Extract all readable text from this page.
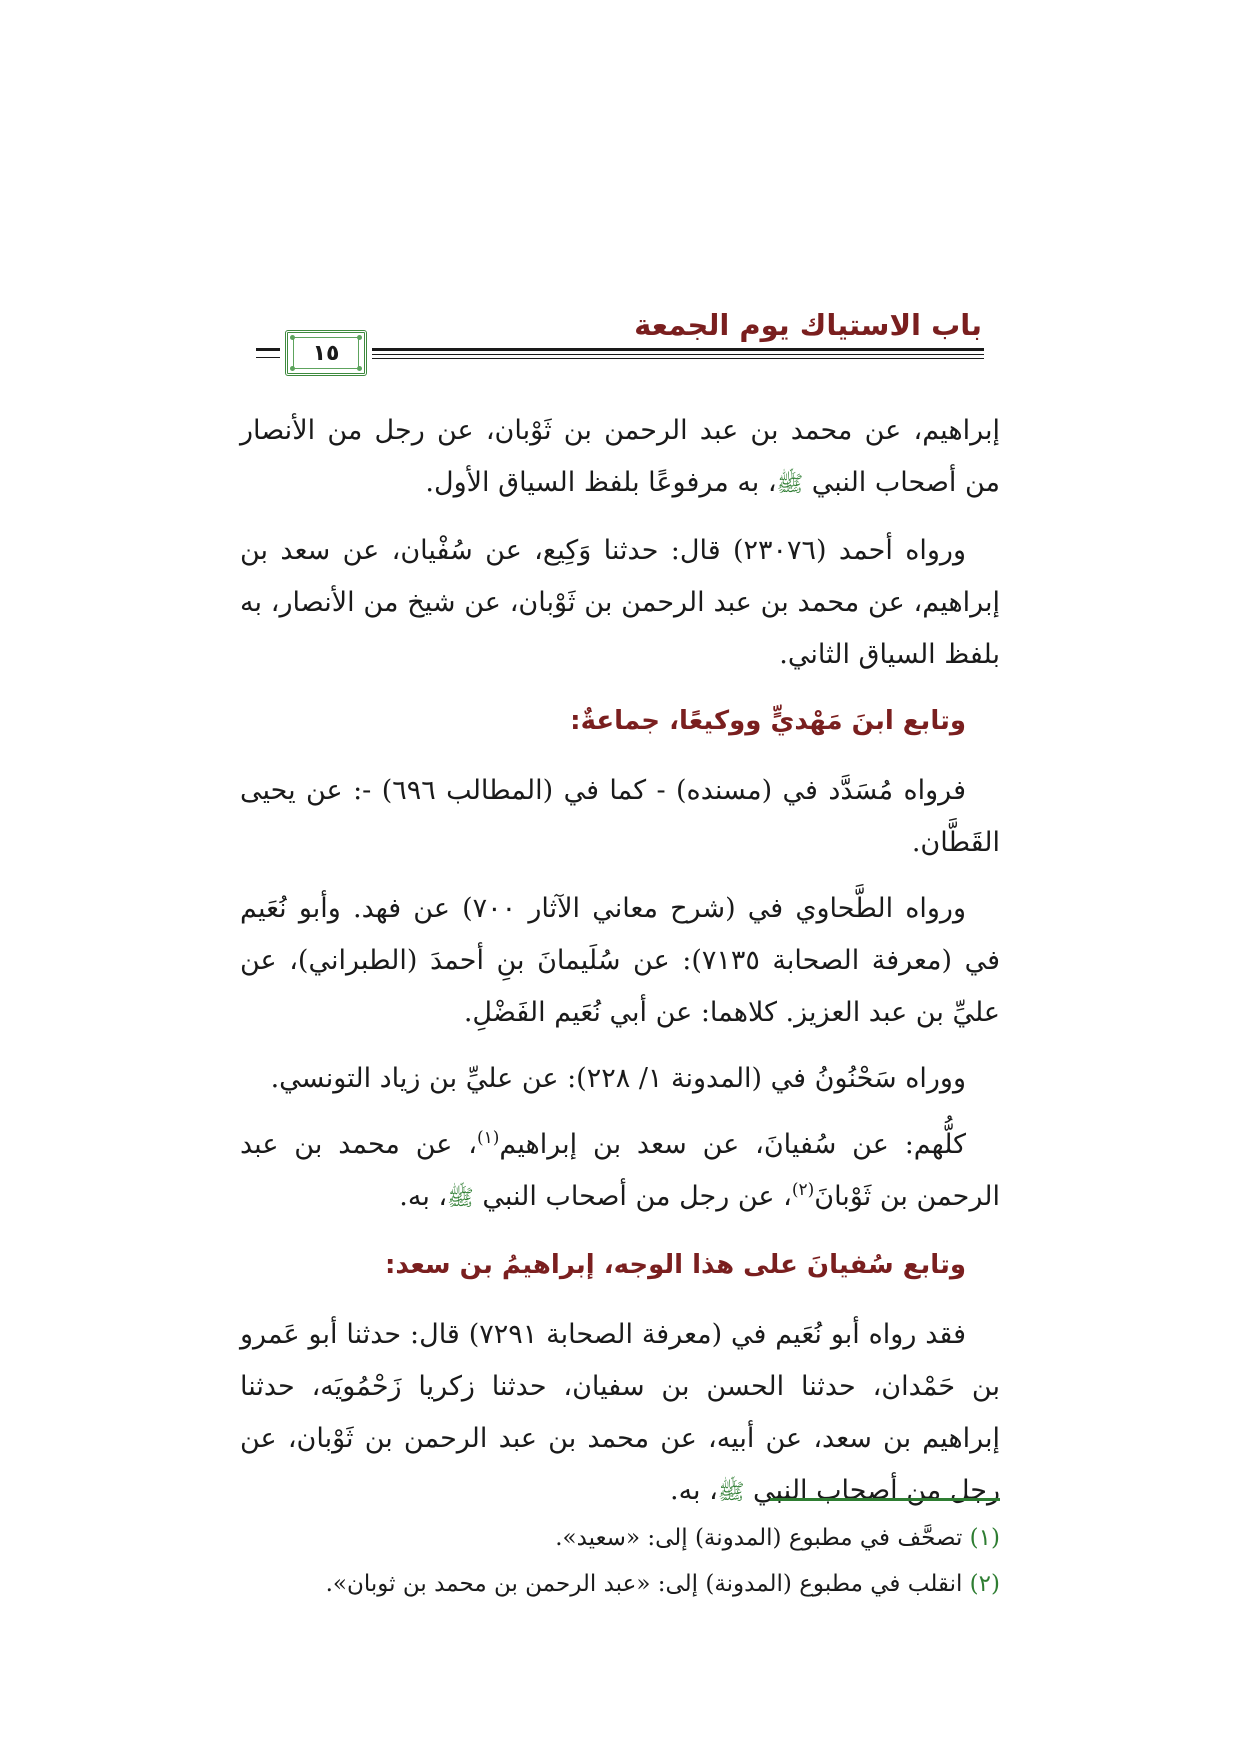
باب الاستياك يوم الجمعة
١٥

إبراهيم، عن محمد بن عبد الرحمن بن ثَوْبان، عن رجل من الأنصار من أصحاب النبي ﷺ، به مرفوعًا بلفظ السياق الأول.

ورواه أحمد (٢٣٠٧٦) قال: حدثنا وَكِيع، عن سُفْيان، عن سعد بن إبراهيم، عن محمد بن عبد الرحمن بن ثَوْبان، عن شيخ من الأنصار، به بلفظ السياق الثاني.

وتابع ابنَ مَهْديٍّ ووكيعًا، جماعةٌ:

فرواه مُسَدَّد في (مسنده) - كما في (المطالب ٦٩٦) -: عن يحيى القَطَّان.

ورواه الطَّحاوي في (شرح معاني الآثار ٧٠٠) عن فهد. وأبو نُعَيم في (معرفة الصحابة ٧١٣٥): عن سُلَيمانَ بنِ أحمدَ (الطبراني)، عن عليِّ بن عبد العزيز. كلاهما: عن أبي نُعَيم الفَضْلِ.

ووراه سَحْنُونُ في (المدونة ١/ ٢٢٨): عن عليِّ بن زياد التونسي.

كلُّهم: عن سُفيانَ، عن سعد بن إبراهيم$^{(١)}$، عن محمد بن عبد الرحمن بن ثَوْبانَ$^{(٢)}$، عن رجل من أصحاب النبي ﷺ، به.

وتابع سُفيانَ على هذا الوجه، إبراهيمُ بن سعد:

فقد رواه أبو نُعَيم في (معرفة الصحابة ٧٢٩١) قال: حدثنا أبو عَمرو بن حَمْدان، حدثنا الحسن بن سفيان، حدثنا زكريا زَحْمُويَه، حدثنا إبراهيم بن سعد، عن أبيه، عن محمد بن عبد الرحمن بن ثَوْبان، عن رجل من أصحاب النبي ﷺ، به.

(١) تصحَّف في مطبوع (المدونة) إلى: «سعيد».
(٢) انقلب في مطبوع (المدونة) إلى: «عبد الرحمن بن محمد بن ثوبان».
